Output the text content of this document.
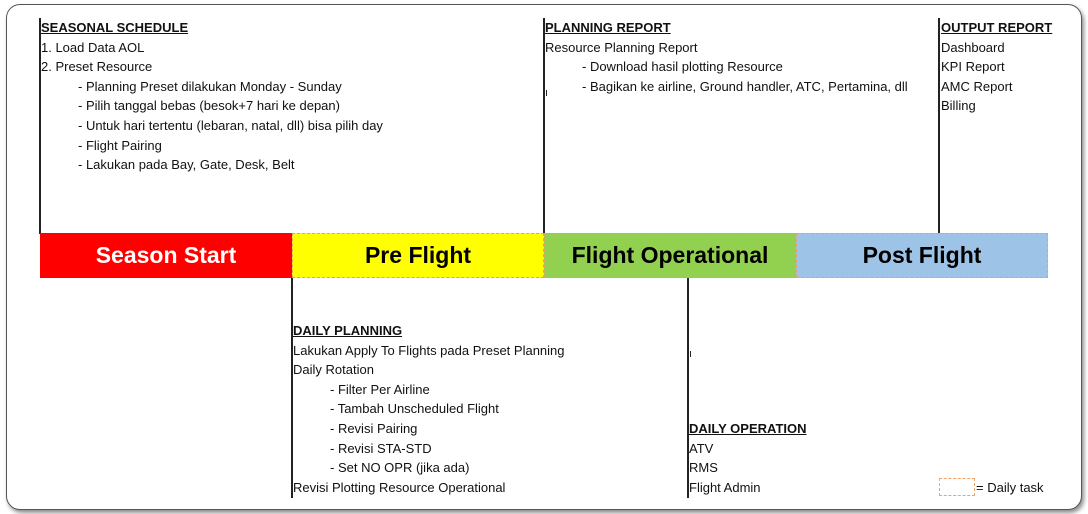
SEASONAL SCHEDULE
1. Load Data AOL
2. Preset Resource
- Planning Preset dilakukan Monday - Sunday
- Pilih tanggal bebas (besok+7 hari ke depan)
- Untuk hari tertentu (lebaran, natal, dll) bisa pilih day
- Flight Pairing
- Lakukan pada Bay, Gate, Desk, Belt
PLANNING REPORT
Resource Planning Report
- Download hasil plotting Resource
- Bagikan ke airline, Ground handler, ATC, Pertamina, dll
OUTPUT REPORT
Dashboard
KPI Report
AMC Report
Billing
Season Start	Pre Flight	Flight Operational	Post Flight
DAILY PLANNING
Lakukan Apply To Flights pada Preset Planning
Daily Rotation
- Filter Per Airline
- Tambah Unscheduled Flight
- Revisi Pairing
- Revisi STA-STD
- Set NO OPR (jika ada)
Revisi Plotting Resource Operational
DAILY OPERATION
ATV
RMS
Flight Admin	= Daily task
